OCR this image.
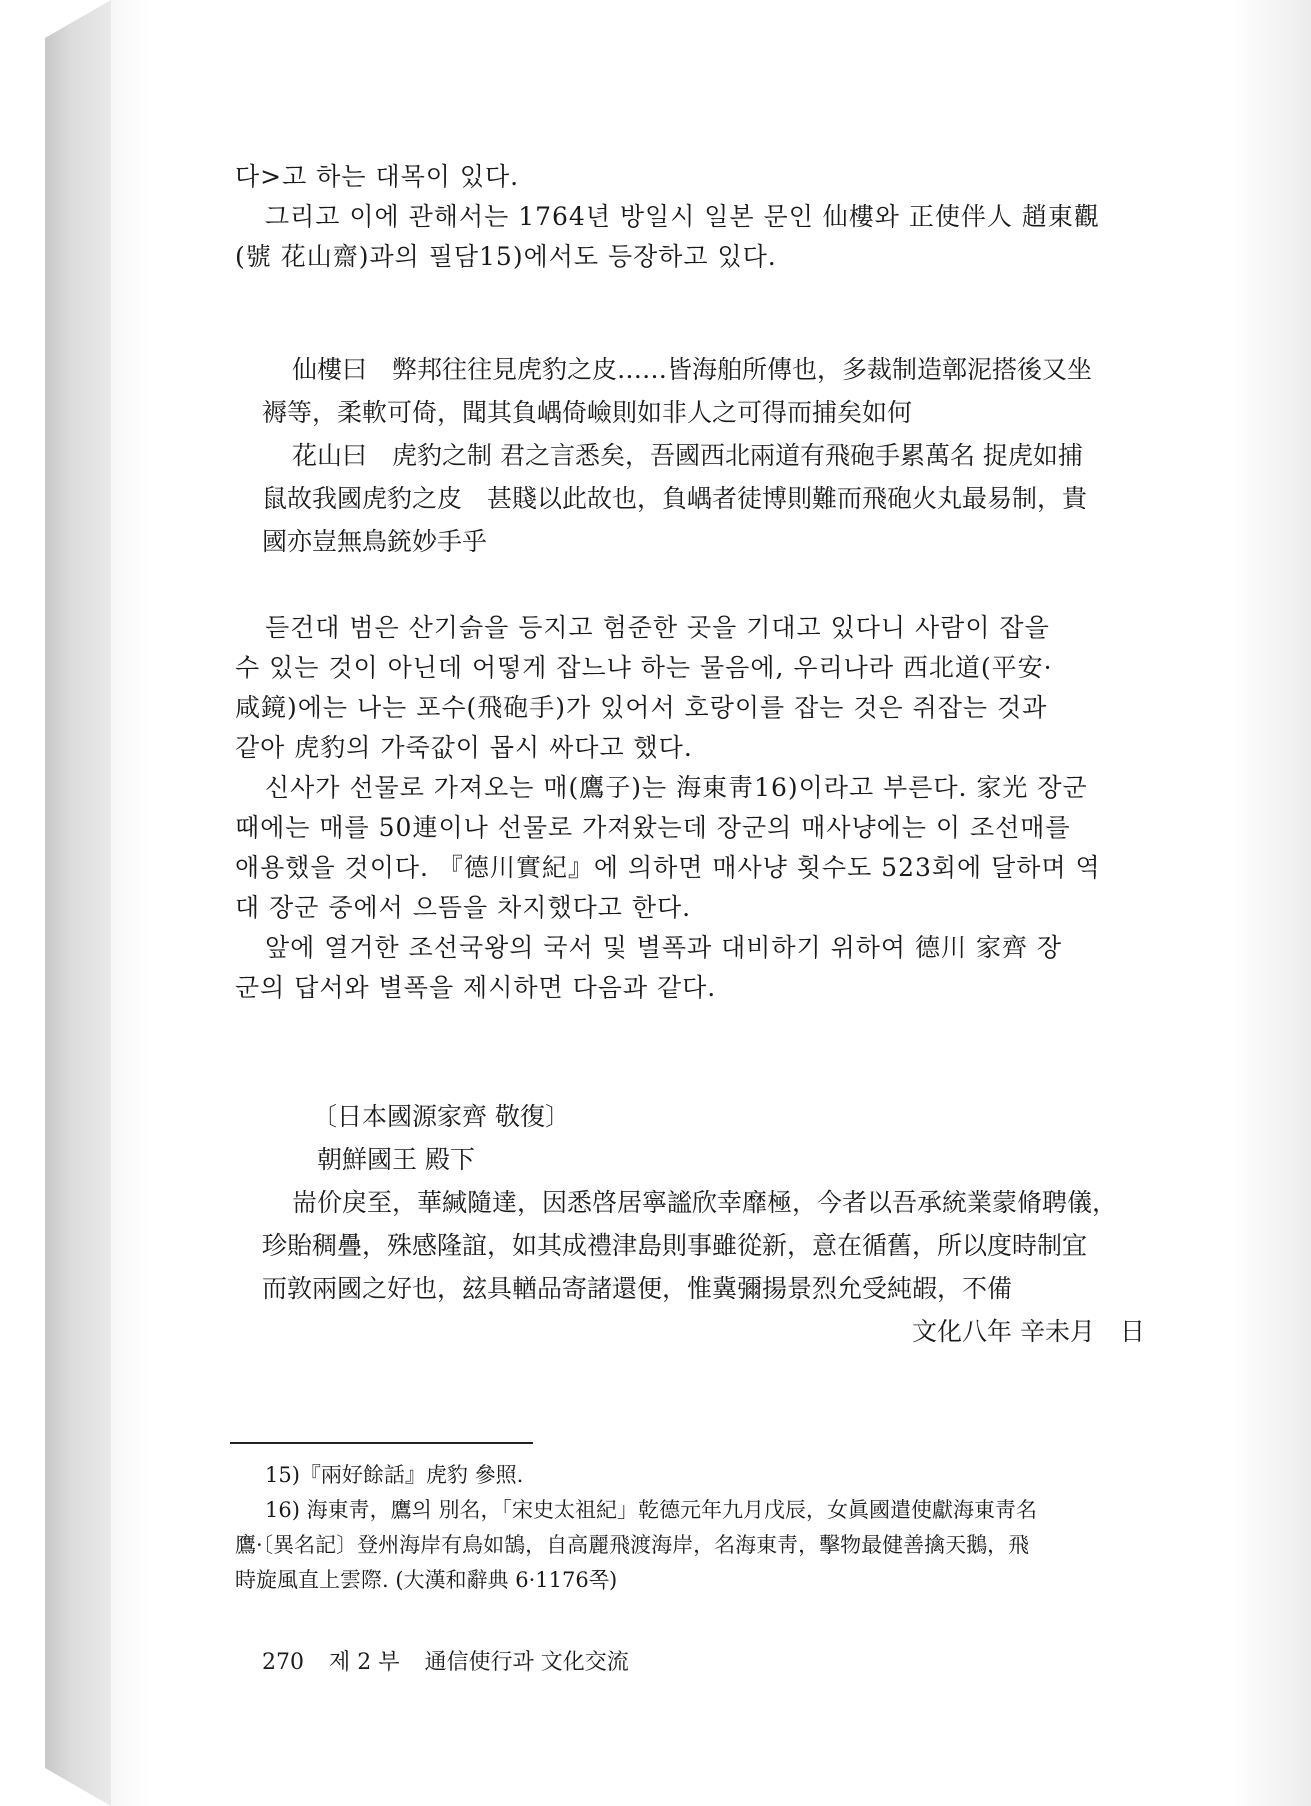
다>고 하는 대목이 있다.
그리고 이에 관해서는 1764년 방일시 일본 문인 仙樓와 正使伴人 趙東觀
(號 花山齋)과의 필담15)에서도 등장하고 있다.
仙樓曰　弊邦往往見虎豹之皮……皆海舶所傳也，多裁制造鄣泥搭後又坐
褥等，柔軟可倚，聞其負嵎倚嶮則如非人之可得而捕矣如何
花山曰　虎豹之制 君之言悉矣，吾國西北兩道有飛砲手累萬名 捉虎如捕
鼠故我國虎豹之皮　甚賤以此故也，負嵎者徒博則難而飛砲火丸最易制，貴
國亦豈無鳥銃妙手乎
듣건대 범은 산기슭을 등지고 험준한 곳을 기대고 있다니 사람이 잡을
수 있는 것이 아닌데 어떻게 잡느냐 하는 물음에, 우리나라 西北道(平安·
咸鏡)에는 나는 포수(飛砲手)가 있어서 호랑이를 잡는 것은 쥐잡는 것과
같아 虎豹의 가죽값이 몹시 싸다고 했다.
신사가 선물로 가져오는 매(鷹子)는 海東靑16)이라고 부른다. 家光 장군
때에는 매를 50連이나 선물로 가져왔는데 장군의 매사냥에는 이 조선매를
애용했을 것이다. 『德川實紀』에 의하면 매사냥 횟수도 523회에 달하며 역
대 장군 중에서 으뜸을 차지했다고 한다.
앞에 열거한 조선국왕의 국서 및 별폭과 대비하기 위하여 德川 家齊 장
군의 답서와 별폭을 제시하면 다음과 같다.
〔日本國源家齊 敬復〕
朝鮮國王 殿下
耑价戾至，華緘隨達，因悉啓居寧謐欣幸靡極，今者以吾承統業蒙脩聘儀，
珍貽稠疊，殊感隆誼，如其成禮津島則事雖從新，意在循舊，所以度時制宜
而敦兩國之好也，玆具輶品寄諸還便，惟冀彌揚景烈允受純嘏，不備
文化八年 辛未月　日
15)『兩好餘話』虎豹 參照.
16) 海東靑，鷹의 別名，「宋史太祖紀」乾德元年九月戊辰，女眞國遣使獻海東靑名
鷹·〔異名記〕登州海岸有鳥如鵠，自高麗飛渡海岸，名海東靑，擊物最健善擒天鵝，飛
時旋風直上雲際. (大漢和辭典 6·1176쪽)
270 제 2 부 通信使行과 文化交流
